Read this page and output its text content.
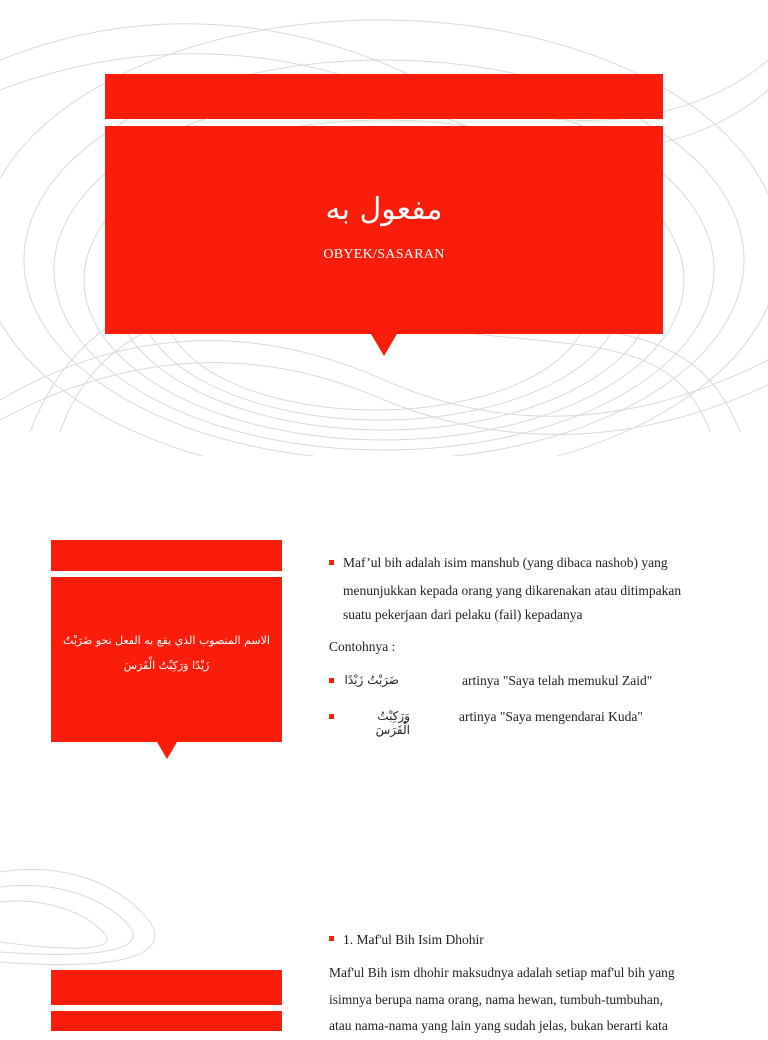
مفعول به
OBYEK/SASARAN
الاسم المنصوب الذي يقع به الفعل نحو ضَرَبْتُ زَيْدًا وَرَكِبْتُ الْفَرَسَ
Maf’ul bih adalah isim manshub (yang dibaca nashob) yang
menunjukkan kepada orang yang dikarenakan atau ditimpakan
suatu pekerjaan dari pelaku (fail) kepadanya
Contohnya :
ضَرَبْتُ زَيْدًا	artinya "Saya telah memukul Zaid"
وَرَكِبْتُ الْفَرَسَ
artinya "Saya mengendarai Kuda"
1. Maf'ul Bih Isim Dhohir
Maf'ul Bih ism dhohir maksudnya adalah setiap maf'ul bih yang
isimnya berupa nama orang, nama hewan, tumbuh-tumbuhan,
atau nama-nama yang lain yang sudah jelas, bukan berarti kata
